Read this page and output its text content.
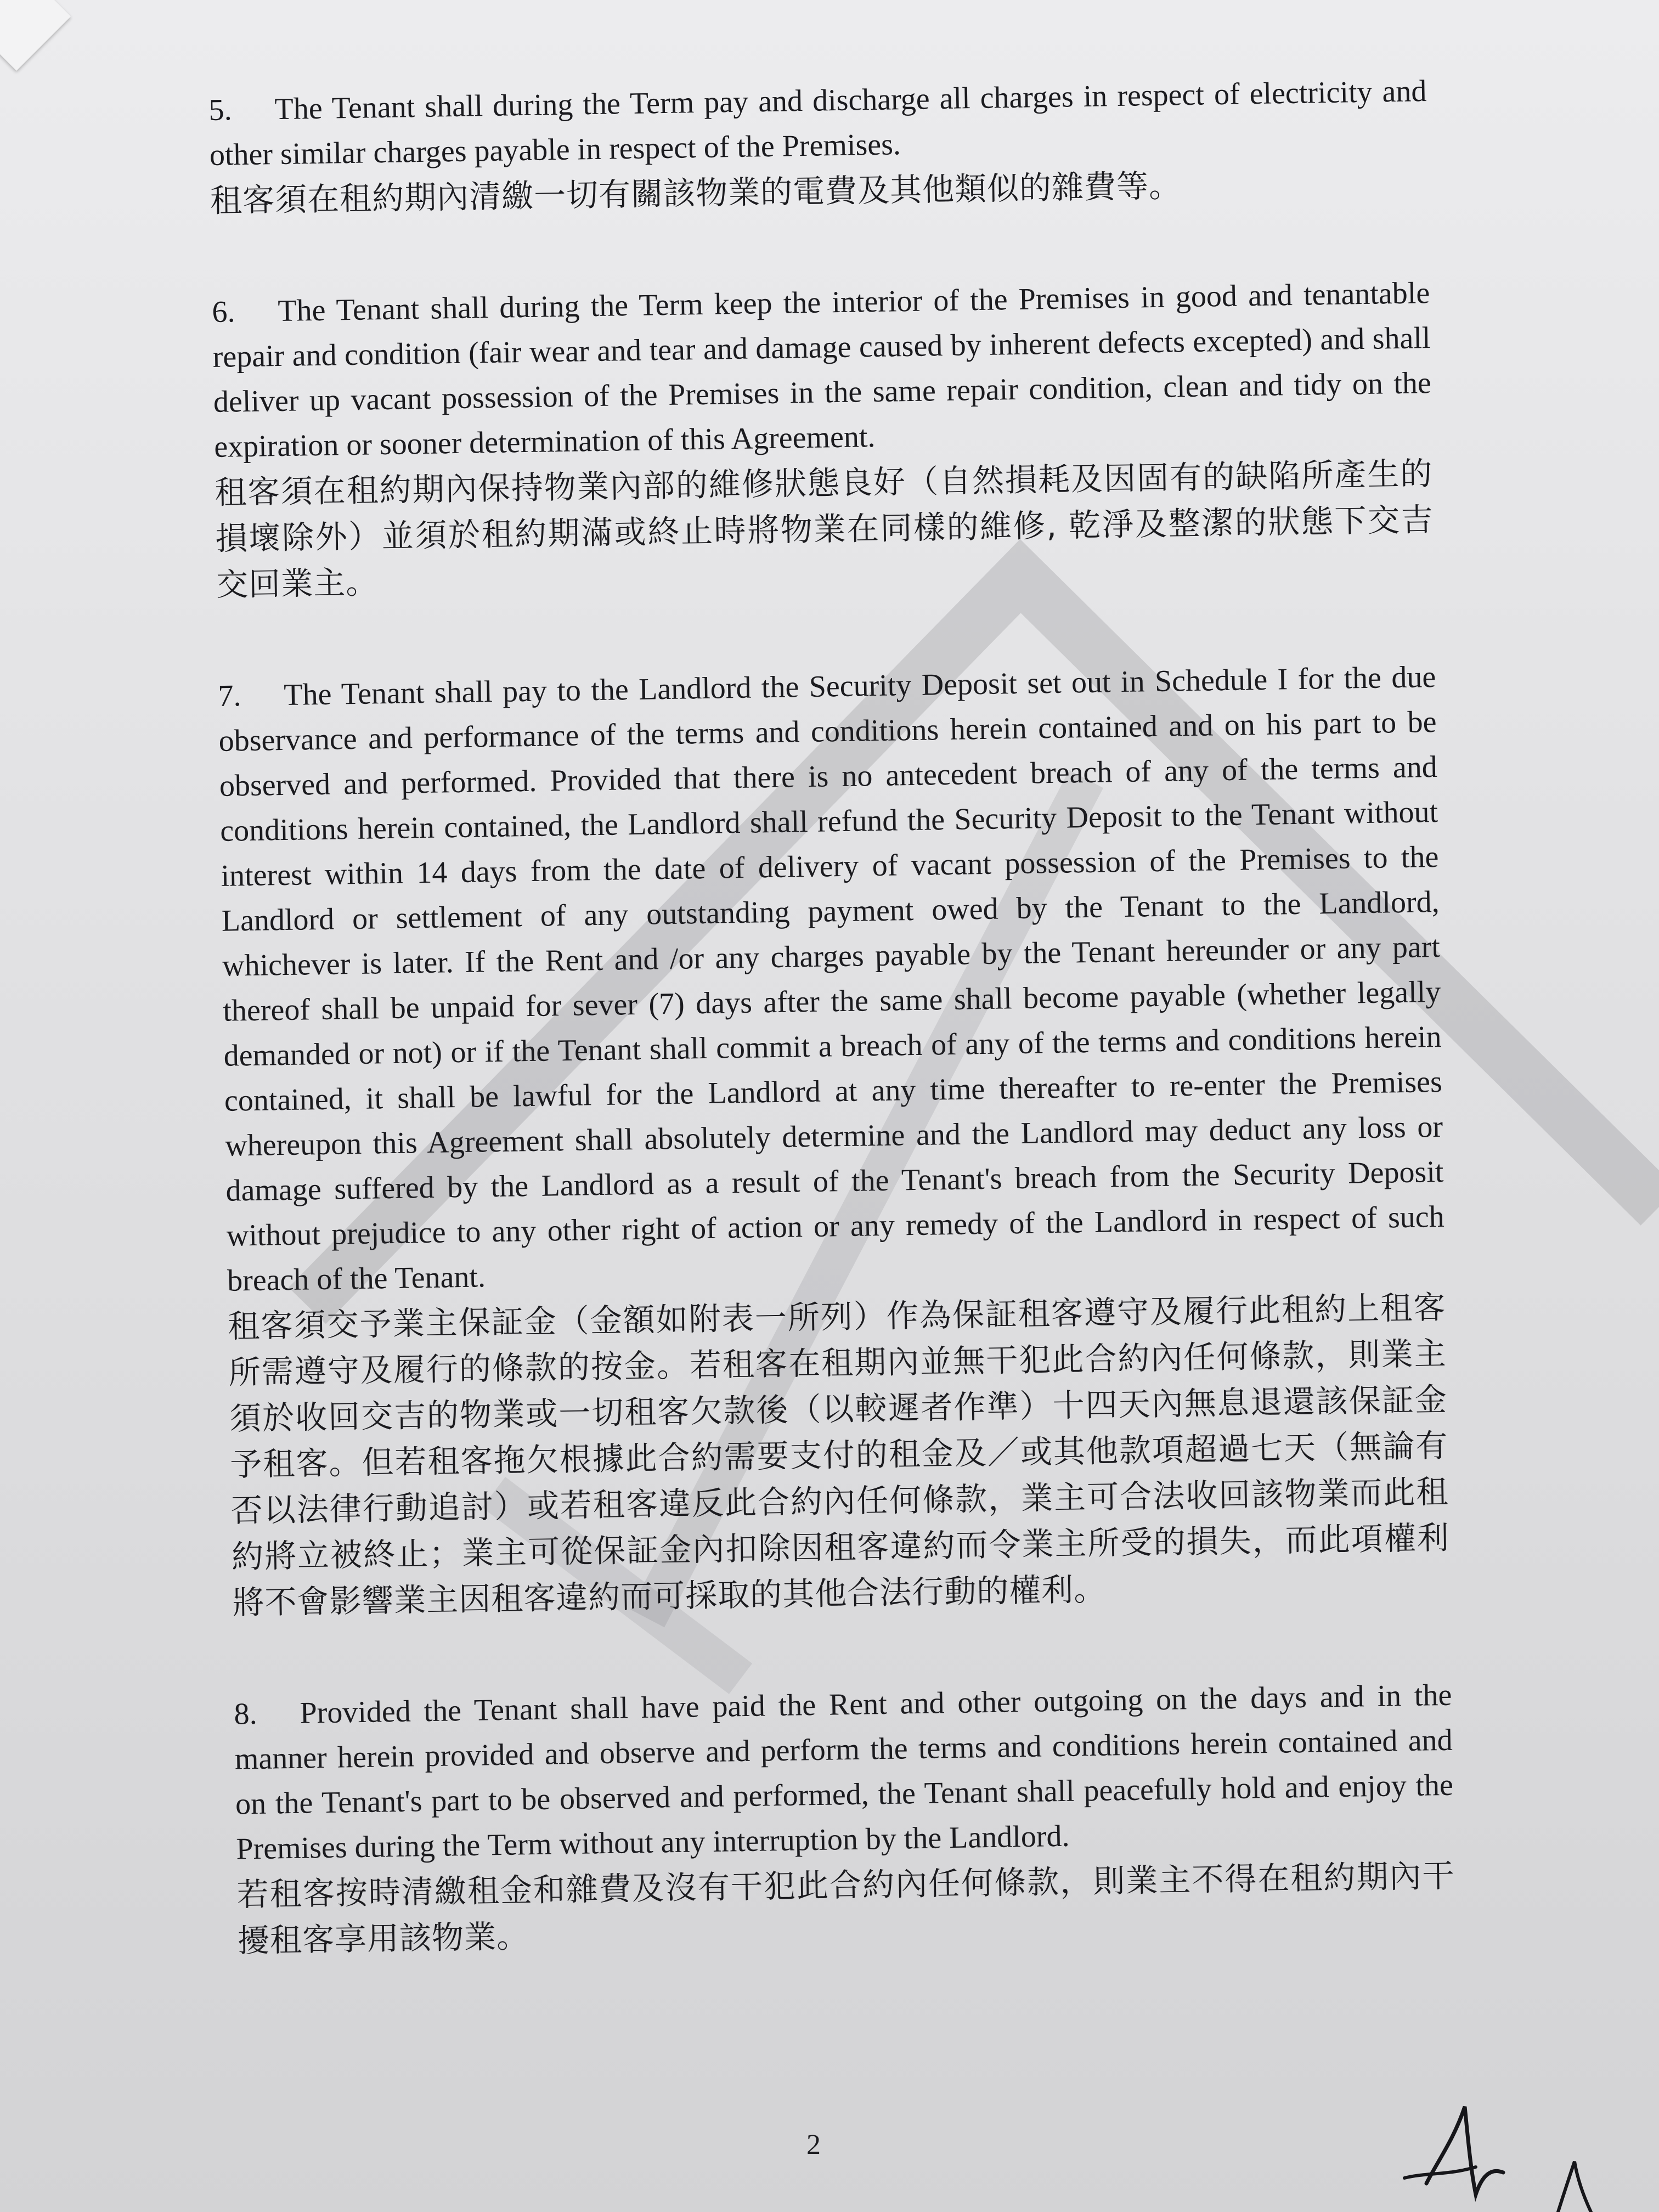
5. The Tenant shall during the Term pay and discharge all charges in respect of electricity and other similar charges payable in respect of the Premises.

租客須在租約期內清繳一切有關該物業的電費及其他類似的雜費等。

6. The Tenant shall during the Term keep the interior of the Premises in good and tenantable repair and condition (fair wear and tear and damage caused by inherent defects excepted) and shall deliver up vacant possession of the Premises in the same repair condition, clean and tidy on the expiration or sooner determination of this Agreement.

租客須在租約期內保持物業內部的維修狀態良好（自然損耗及因固有的缺陷所產生的損壞除外）並須於租約期滿或終止時將物業在同樣的維修, 乾淨及整潔的狀態下交吉交回業主。

7. The Tenant shall pay to the Landlord the Security Deposit set out in Schedule I for the due observance and performance of the terms and conditions herein contained and on his part to be observed and performed. Provided that there is no antecedent breach of any of the terms and conditions herein contained, the Landlord shall refund the Security Deposit to the Tenant without interest within 14 days from the date of delivery of vacant possession of the Premises to the Landlord or settlement of any outstanding payment owed by the Tenant to the Landlord, whichever is later. If the Rent and /or any charges payable by the Tenant hereunder or any part thereof shall be unpaid for sever (7) days after the same shall become payable (whether legally demanded or not) or if the Tenant shall commit a breach of any of the terms and conditions herein contained, it shall be lawful for the Landlord at any time thereafter to re-enter the Premises whereupon this Agreement shall absolutely determine and the Landlord may deduct any loss or damage suffered by the Landlord as a result of the Tenant's breach from the Security Deposit without prejudice to any other right of action or any remedy of the Landlord in respect of such breach of the Tenant.

租客須交予業主保証金（金額如附表一所列）作為保証租客遵守及履行此租約上租客所需遵守及履行的條款的按金。若租客在租期內並無干犯此合約內任何條款，則業主須於收回交吉的物業或一切租客欠款後（以較遲者作準）十四天內無息退還該保証金予租客。但若租客拖欠根據此合約需要支付的租金及／或其他款項超過七天（無論有否以法律行動追討）或若租客違反此合約內任何條款，業主可合法收回該物業而此租約將立被終止；業主可從保証金內扣除因租客違約而令業主所受的損失，而此項權利將不會影響業主因租客違約而可採取的其他合法行動的權利。

8. Provided the Tenant shall have paid the Rent and other outgoing on the days and in the manner herein provided and observe and perform the terms and conditions herein contained and on the Tenant's part to be observed and performed, the Tenant shall peacefully hold and enjoy the Premises during the Term without any interruption by the Landlord.

若租客按時清繳租金和雜費及沒有干犯此合約內任何條款，則業主不得在租約期內干擾租客享用該物業。

2
